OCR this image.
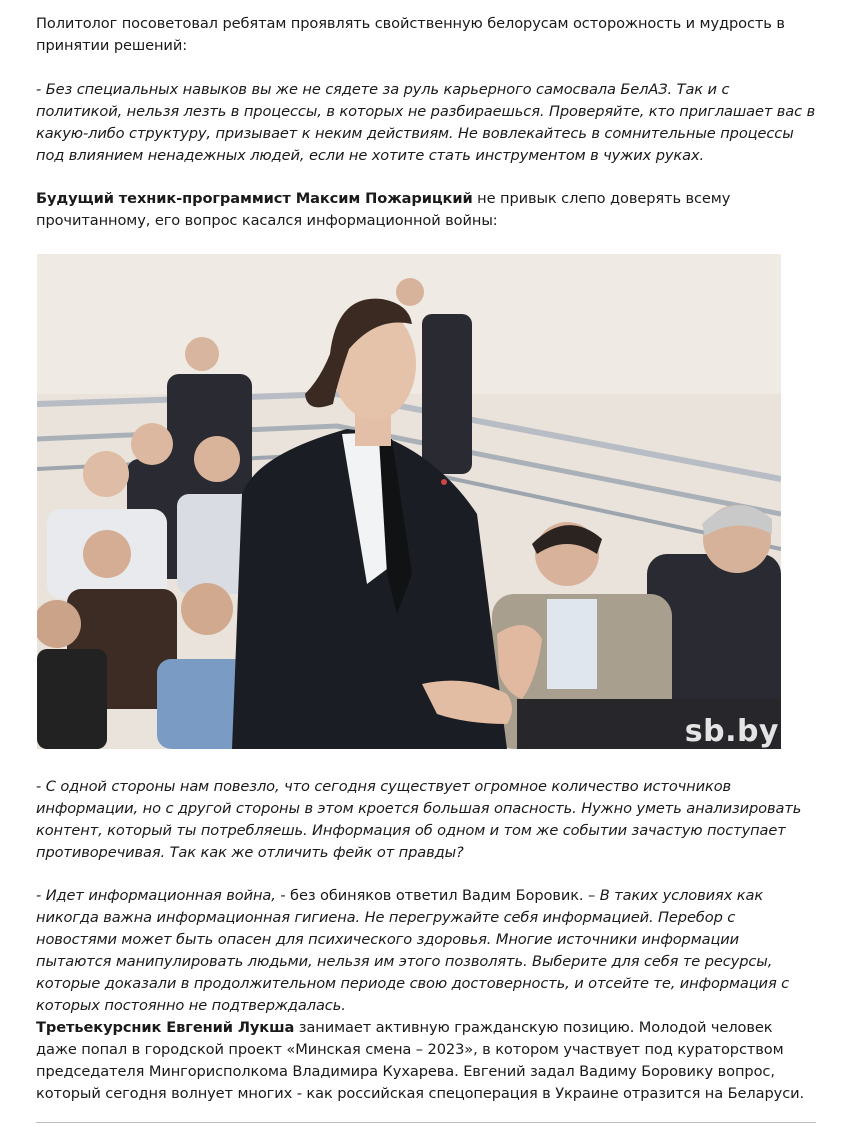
Политолог посоветовал ребятам проявлять свойственную белорусам осторожность и мудрость в принятии решений:

- Без специальных навыков вы же не сядете за руль карьерного самосвала БелАЗ. Так и с политикой, нельзя лезть в процессы, в которых не разбираешься. Проверяйте, кто приглашает вас в какую-либо структуру, призывает к неким действиям. Не вовлекайтесь в сомнительные процессы под влиянием ненадежных людей, если не хотите стать инструментом в чужих руках.

Будущий техник-программист Максим Пожарицкий не привык слепо доверять всему прочитанному, его вопрос касался информационной войны:

sb.by

- С одной стороны нам повезло, что сегодня существует огромное количество источников информации, но с другой стороны в этом кроется большая опасность. Нужно уметь анализировать контент, который ты потребляешь. Информация об одном и том же событии зачастую поступает противоречивая. Так как же отличить фейк от правды?

- Идет информационная война, - без обиняков ответил Вадим Боровик. – В таких условиях как никогда важна информационная гигиена. Не перегружайте себя информацией. Перебор с новостями может быть опасен для психического здоровья. Многие источники информации пытаются манипулировать людьми, нельзя им этого позволять. Выберите для себя те ресурсы, которые доказали в продолжительном периоде свою достоверность, и отсейте те, информация с которых постоянно не подтверждалась.

Третьекурсник Евгений Лукша занимает активную гражданскую позицию. Молодой человек даже попал в городской проект «Минская смена – 2023», в котором участвует под кураторством председателя Мингорисполкома Владимира Кухарева. Евгений задал Вадиму Боровику вопрос, который сегодня волнует многих - как российская спецоперация в Украине отразится на Беларуси.
